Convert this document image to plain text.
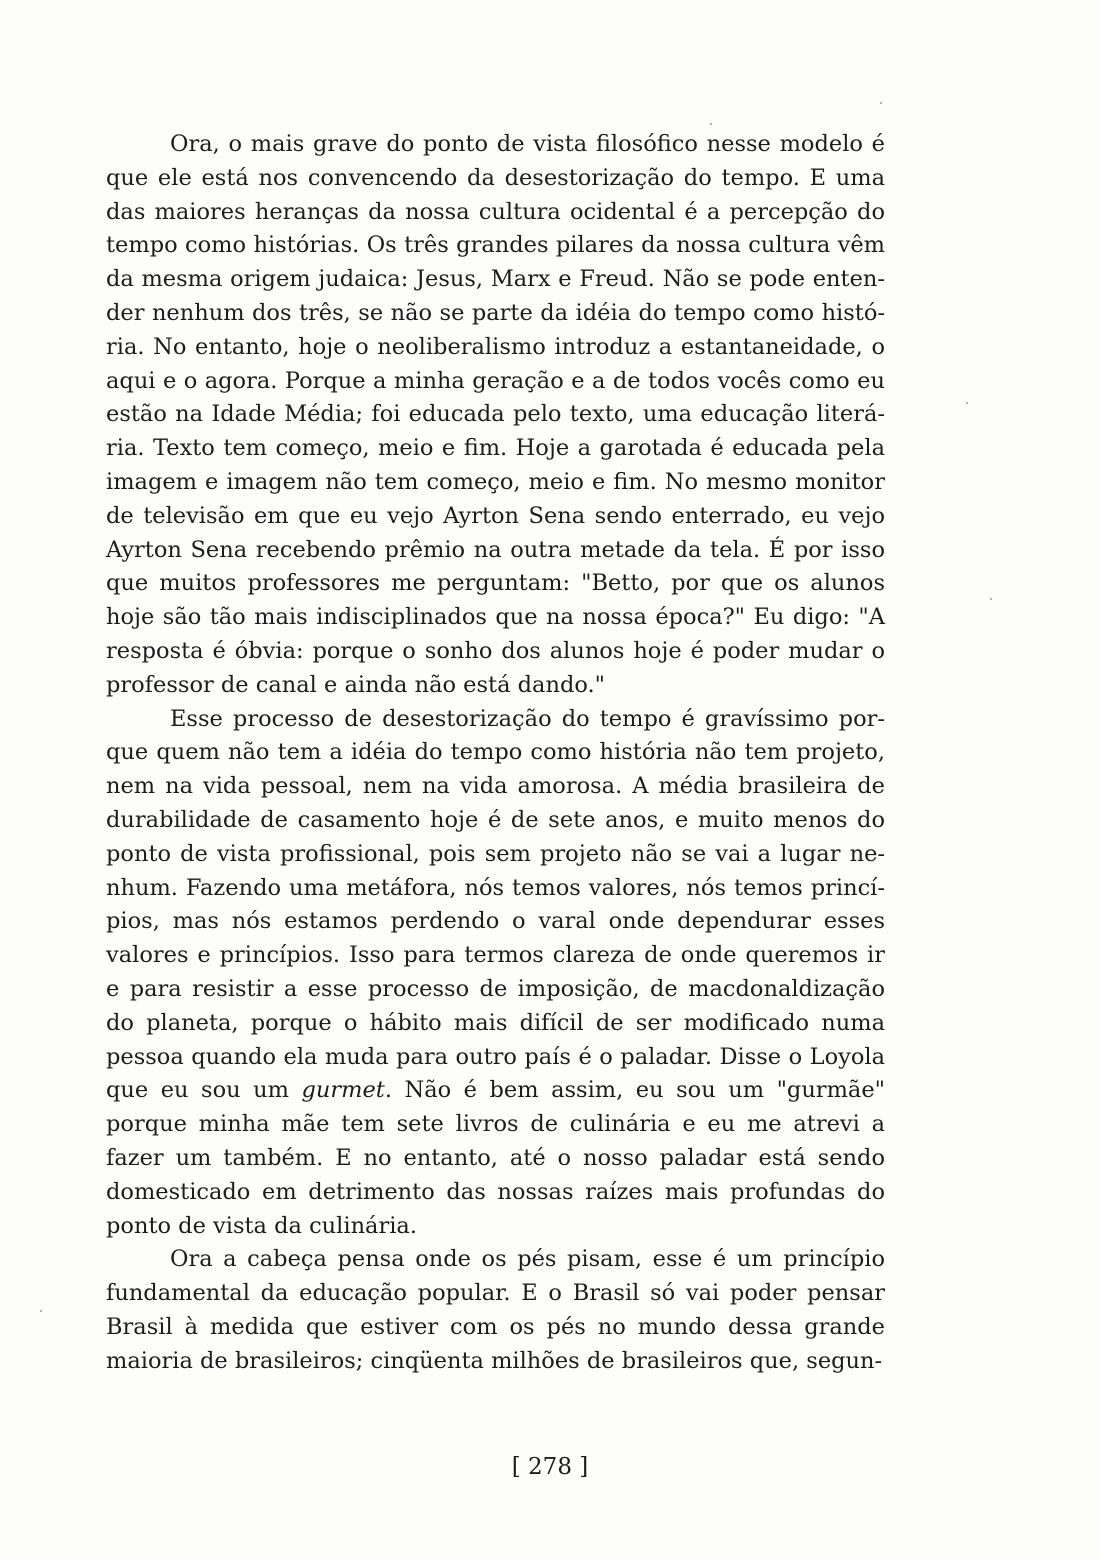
Ora, o mais grave do ponto de vista filosófico nesse modelo é que ele está nos convencendo da desestorização do tempo. E uma das maiores heranças da nossa cultura ocidental é a percepção do tempo como histórias. Os três grandes pilares da nossa cultura vêm da mesma origem judaica: Jesus, Marx e Freud. Não se pode entender nenhum dos três, se não se parte da idéia do tempo como história. No entanto, hoje o neoliberalismo introduz a estantaneidade, o aqui e o agora. Porque a minha geração e a de todos vocês como eu estão na Idade Média; foi educada pelo texto, uma educação literária. Texto tem começo, meio e fim. Hoje a garotada é educada pela imagem e imagem não tem começo, meio e fim. No mesmo monitor de televisão em que eu vejo Ayrton Sena sendo enterrado, eu vejo Ayrton Sena recebendo prêmio na outra metade da tela. É por isso que muitos professores me perguntam: "Betto, por que os alunos hoje são tão mais indisciplinados que na nossa época?" Eu digo: "A resposta é óbvia: porque o sonho dos alunos hoje é poder mudar o professor de canal e ainda não está dando."

Esse processo de desestorização do tempo é gravíssimo porque quem não tem a idéia do tempo como história não tem projeto, nem na vida pessoal, nem na vida amorosa. A média brasileira de durabilidade de casamento hoje é de sete anos, e muito menos do ponto de vista profissional, pois sem projeto não se vai a lugar nenhum. Fazendo uma metáfora, nós temos valores, nós temos princípios, mas nós estamos perdendo o varal onde dependurar esses valores e princípios. Isso para termos clareza de onde queremos ir e para resistir a esse processo de imposição, de macdonaldização do planeta, porque o hábito mais difícil de ser modificado numa pessoa quando ela muda para outro país é o paladar. Disse o Loyola que eu sou um gurmet. Não é bem assim, eu sou um "gurmãe" porque minha mãe tem sete livros de culinária e eu me atrevi a fazer um também. E no entanto, até o nosso paladar está sendo domesticado em detrimento das nossas raízes mais profundas do ponto de vista da culinária.

Ora a cabeça pensa onde os pés pisam, esse é um princípio fundamental da educação popular. E o Brasil só vai poder pensar Brasil à medida que estiver com os pés no mundo dessa grande maioria de brasileiros; cinqüenta milhões de brasileiros que, segun-

[ 278 ]
